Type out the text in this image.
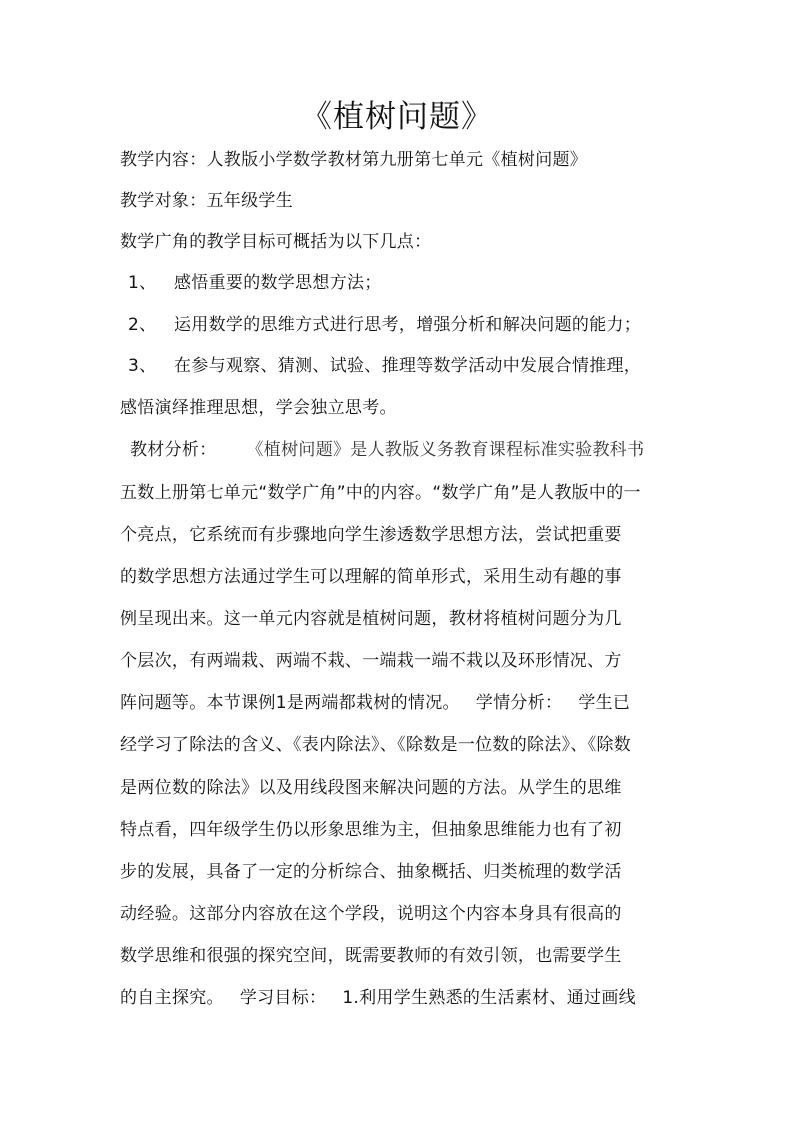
《植树问题》
教学内容：人教版小学数学教材第九册第七单元《植树问题》
教学对象：五年级学生
数学广角的教学目标可概括为以下几点：
1、 感悟重要的数学思想方法；
2、 运用数学的思维方式进行思考，增强分析和解决问题的能力；
3、 在参与观察、猜测、试验、推理等数学活动中发展合情推理，
感悟演绎推理思想，学会独立思考。
教材分析： 《植树问题》是人教版义务教育课程标准实验教科书
五数上册第七单元“数学广角”中的内容。“数学广角”是人教版中的一
个亮点，它系统而有步骤地向学生渗透数学思想方法，尝试把重要
的数学思想方法通过学生可以理解的简单形式，采用生动有趣的事
例呈现出来。这一单元内容就是植树问题，教材将植树问题分为几
个层次，有两端栽、两端不栽、一端栽一端不栽以及环形情况、方
阵问题等。本节课例1是两端都栽树的情况。 学情分析： 学生已
经学习了除法的含义、《表内除法》、《除数是一位数的除法》、《除数
是两位数的除法》以及用线段图来解决问题的方法。从学生的思维
特点看，四年级学生仍以形象思维为主，但抽象思维能力也有了初
步的发展，具备了一定的分析综合、抽象概括、归类梳理的数学活
动经验。这部分内容放在这个学段，说明这个内容本身具有很高的
数学思维和很强的探究空间，既需要教师的有效引领，也需要学生
的自主探究。 学习目标： 1.利用学生熟悉的生活素材、通过画线
